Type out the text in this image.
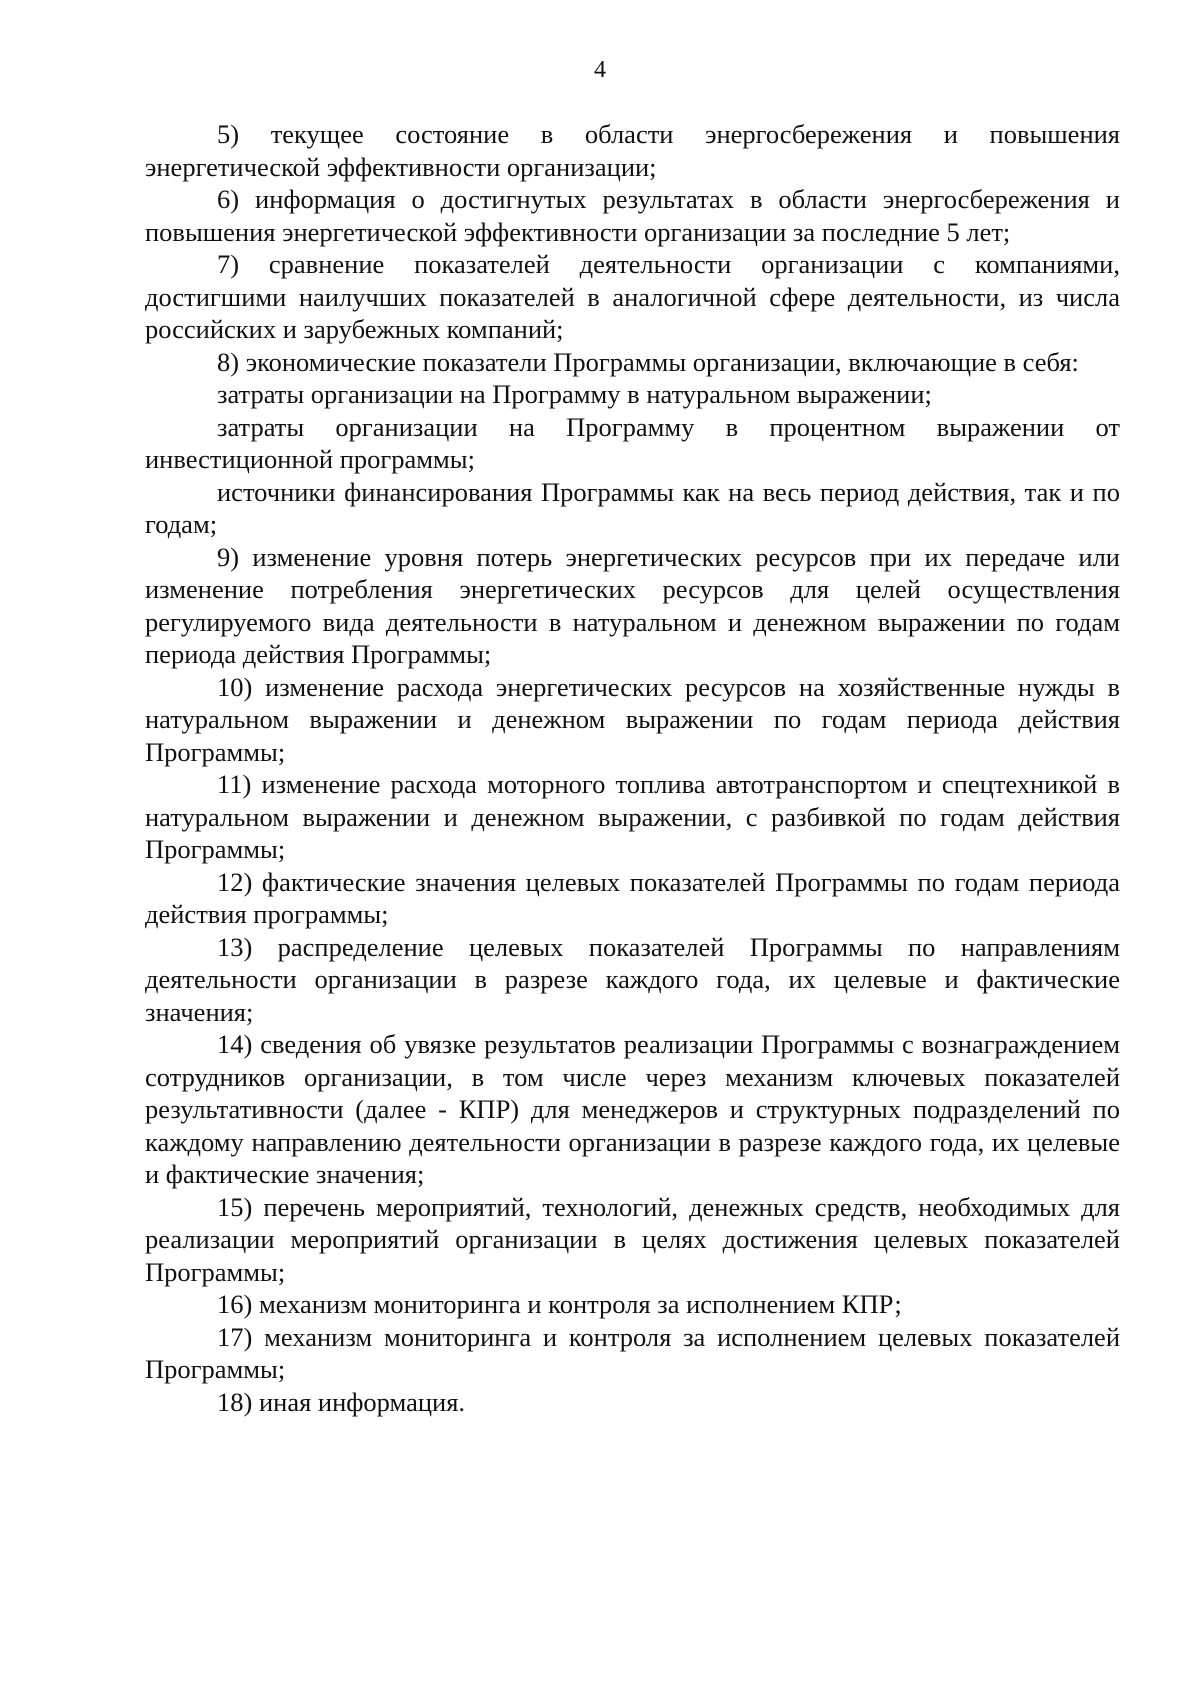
4

5) текущее состояние в области энергосбережения и повышения энергетической эффективности организации;

6) информация о достигнутых результатах в области энергосбережения и повышения энергетической эффективности организации за последние 5 лет;

7) сравнение показателей деятельности организации с компаниями, достигшими наилучших показателей в аналогичной сфере деятельности, из числа российских и зарубежных компаний;

8) экономические показатели Программы организации, включающие в себя:

затраты организации на Программу в натуральном выражении;

затраты организации на Программу в процентном выражении от инвестиционной программы;

источники финансирования Программы как на весь период действия, так и по годам;

9) изменение уровня потерь энергетических ресурсов при их передаче или изменение потребления энергетических ресурсов для целей осуществления регулируемого вида деятельности в натуральном и денежном выражении по годам периода действия Программы;

10) изменение расхода энергетических ресурсов на хозяйственные нужды в натуральном выражении и денежном выражении по годам периода действия Программы;

11) изменение расхода моторного топлива автотранспортом и спецтехникой в натуральном выражении и денежном выражении, с разбивкой по годам действия Программы;

12) фактические значения целевых показателей Программы по годам периода действия программы;

13) распределение целевых показателей Программы по направлениям деятельности организации в разрезе каждого года, их целевые и фактические значения;

14) сведения об увязке результатов реализации Программы с вознаграждением сотрудников организации, в том числе через механизм ключевых показателей результативности (далее - КПР) для менеджеров и структурных подразделений по каждому направлению деятельности организации в разрезе каждого года, их целевые и фактические значения;

15) перечень мероприятий, технологий, денежных средств, необходимых для реализации мероприятий организации в целях достижения целевых показателей Программы;

16) механизм мониторинга и контроля за исполнением КПР;

17) механизм мониторинга и контроля за исполнением целевых показателей Программы;

18) иная информация.
